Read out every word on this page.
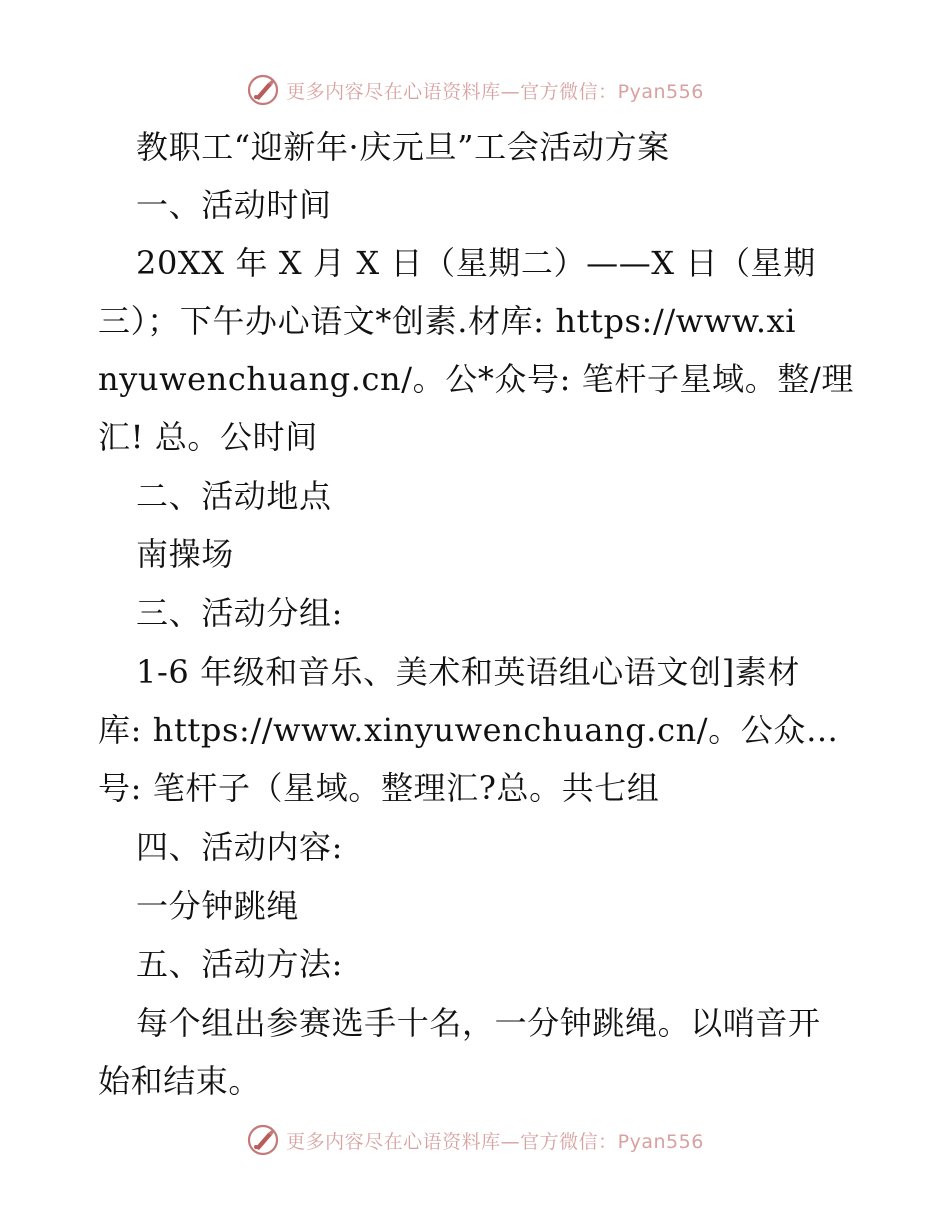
更多内容尽在心语资料库—官方微信：Pyan556
教职工“迎新年·庆元旦”工会活动方案
一、活动时间
20XX 年 X 月 X 日（星期二）——X 日（星期
三）；下午办心语文*创素.材库: https://www.xi
nyuwenchuang.cn/。公*众号: 笔杆子星域。整/理
汇! 总。公时间
二、活动地点
南操场
三、活动分组:
1-6 年级和音乐、美术和英语组心语文创]素材
库: https://www.xinyuwenchuang.cn/。公众…
号: 笔杆子（星域。整理汇?总。共七组
四、活动内容:
一分钟跳绳
五、活动方法:
每个组出参赛选手十名，一分钟跳绳。以哨音开
始和结束。
更多内容尽在心语资料库—官方微信：Pyan556
